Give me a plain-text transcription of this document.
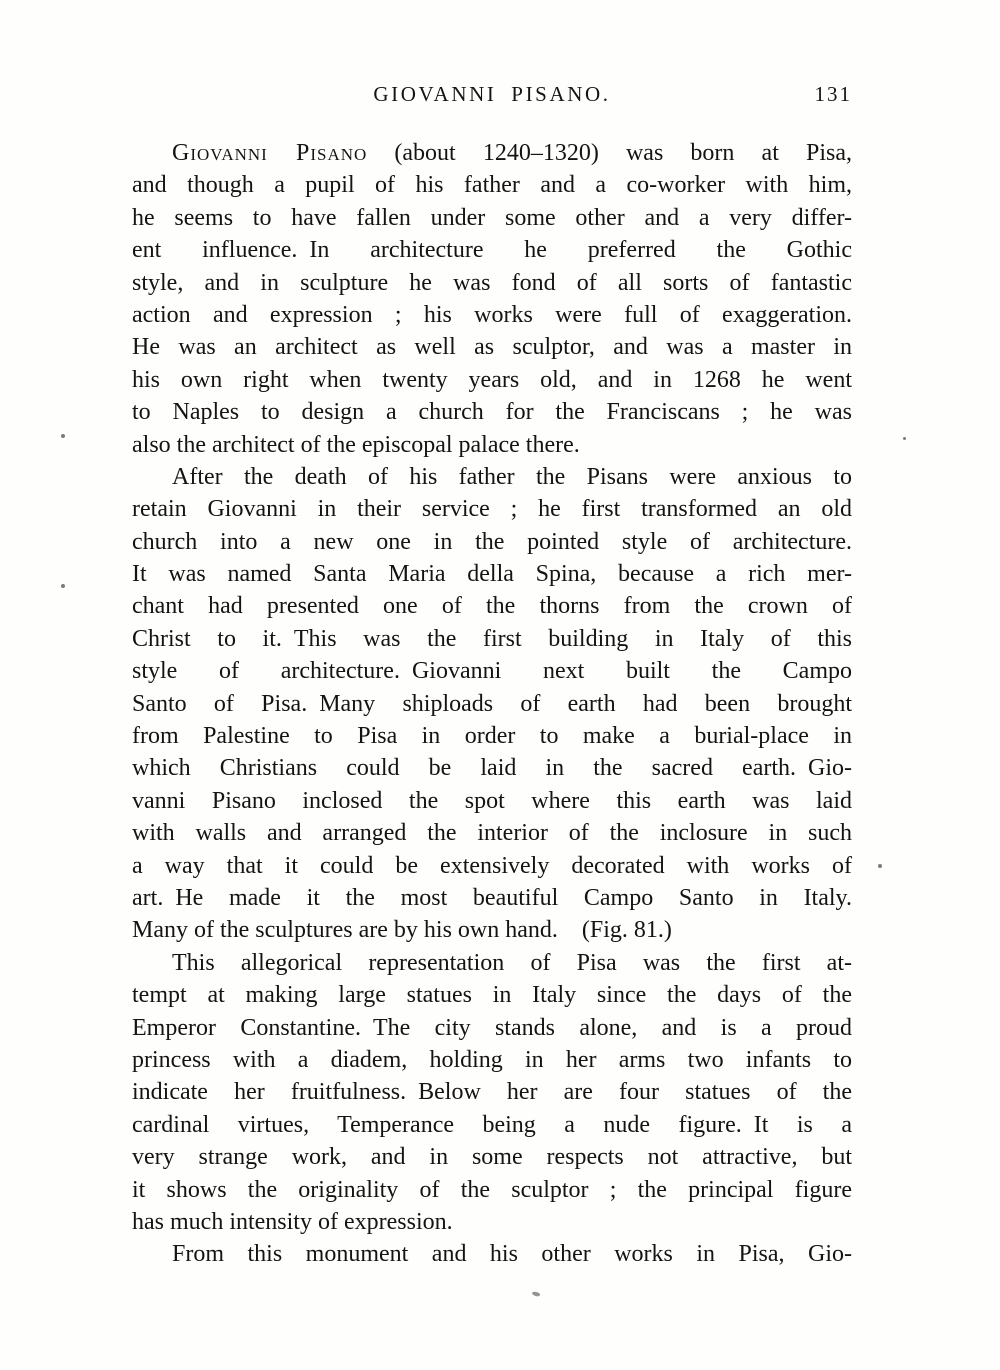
GIOVANNI PISANO.	131
Giovanni Pisano (about 1240–1320) was born at Pisa,
and though a pupil of his father and a co-worker with him,
he seems to have fallen under some other and a very differ-
ent influence. In architecture he preferred the Gothic
style, and in sculpture he was fond of all sorts of fantastic
action and expression ; his works were full of exaggeration.
He was an architect as well as sculptor, and was a master in
his own right when twenty years old, and in 1268 he went
to Naples to design a church for the Franciscans ; he was
also the architect of the episcopal palace there.
After the death of his father the Pisans were anxious to
retain Giovanni in their service ; he first transformed an old
church into a new one in the pointed style of architecture.
It was named Santa Maria della Spina, because a rich mer-
chant had presented one of the thorns from the crown of
Christ to it. This was the first building in Italy of this
style of architecture. Giovanni next built the Campo
Santo of Pisa. Many shiploads of earth had been brought
from Palestine to Pisa in order to make a burial-place in
which Christians could be laid in the sacred earth. Gio-
vanni Pisano inclosed the spot where this earth was laid
with walls and arranged the interior of the inclosure in such
a way that it could be extensively decorated with works of
art. He made it the most beautiful Campo Santo in Italy.
Many of the sculptures are by his own hand. (Fig. 81.)
This allegorical representation of Pisa was the first at-
tempt at making large statues in Italy since the days of the
Emperor Constantine. The city stands alone, and is a proud
princess with a diadem, holding in her arms two infants to
indicate her fruitfulness. Below her are four statues of the
cardinal virtues, Temperance being a nude figure. It is a
very strange work, and in some respects not attractive, but
it shows the originality of the sculptor ; the principal figure
has much intensity of expression.
From this monument and his other works in Pisa, Gio-
